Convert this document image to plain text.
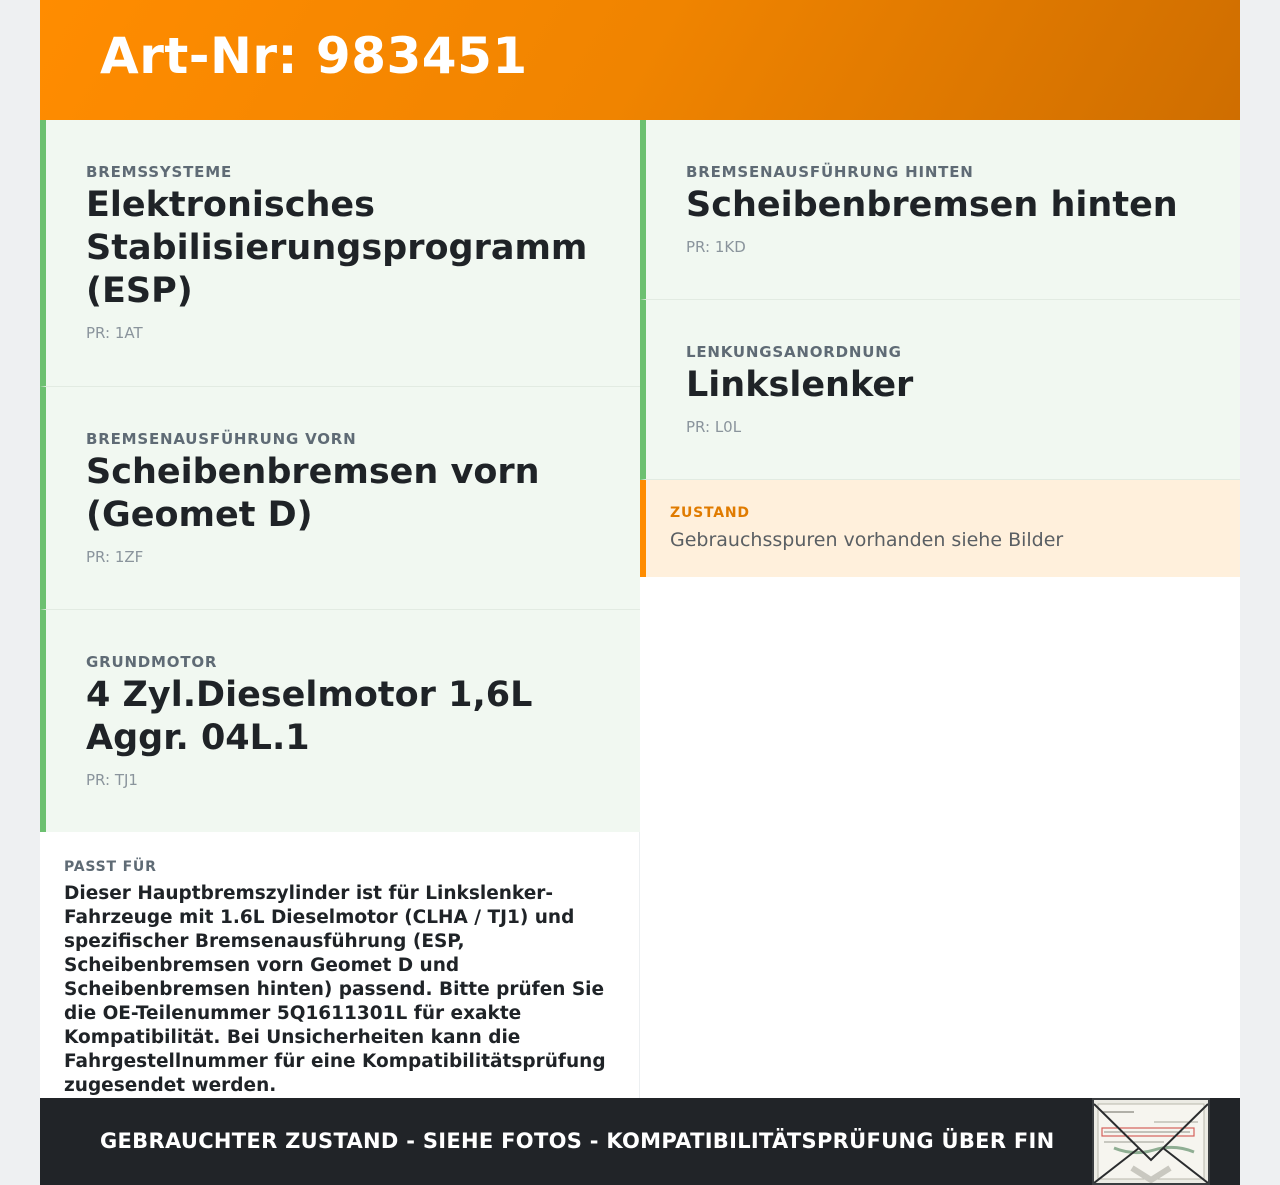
Art-Nr: 983451
BREMSSYSTEME
Elektronisches Stabilisierungsprogramm (ESP)
PR: 1AT
BREMSENAUSFÜHRUNG VORN
Scheibenbremsen vorn (Geomet D)
PR: 1ZF
GRUNDMOTOR
4 Zyl.Dieselmotor 1,6L Aggr. 04L.1
PR: TJ1
BREMSENAUSFÜHRUNG HINTEN
Scheibenbremsen hinten
PR: 1KD
LENKUNGSANORDNUNG
Linkslenker
PR: L0L
ZUSTAND
Gebrauchsspuren vorhanden siehe Bilder
PASST FÜR
Dieser Hauptbremszylinder ist für Linkslenker-Fahrzeuge mit 1.6L Dieselmotor (CLHA / TJ1) und spezifischer Bremsenausführung (ESP, Scheibenbremsen vorn Geomet D und Scheibenbremsen hinten) passend. Bitte prüfen Sie die OE-Teilenummer 5Q1611301L für exakte Kompatibilität. Bei Unsicherheiten kann die Fahrgestellnummer für eine Kompatibilitätsprüfung zugesendet werden.
GEBRAUCHTER ZUSTAND - SIEHE FOTOS - KOMPATIBILITÄTSPRÜFUNG ÜBER FIN
